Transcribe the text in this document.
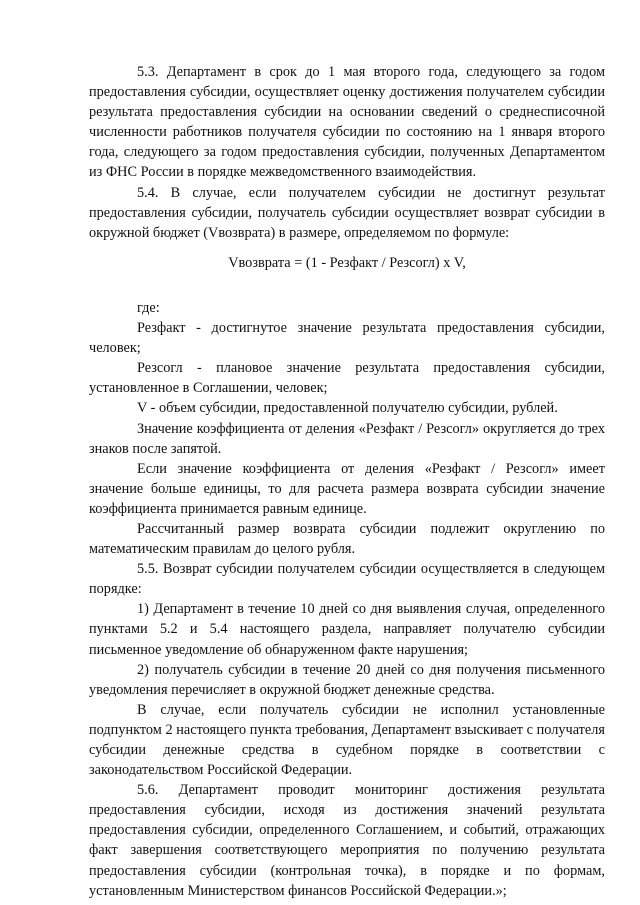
5.3. Департамент в срок до 1 мая второго года, следующего за годом предоставления субсидии, осуществляет оценку достижения получателем субсидии результата предоставления субсидии на основании сведений о среднесписочной численности работников получателя субсидии по состоянию на 1 января второго года, следующего за годом предоставления субсидии, полученных Департаментом из ФНС России в порядке межведомственного взаимодействия.

5.4. В случае, если получателем субсидии не достигнут результат предоставления субсидии, получатель субсидии осуществляет возврат субсидии в окружной бюджет (Vвозврата) в размере, определяемом по формуле:

Vвозврата = (1 - Резфакт / Резсогл) x V,

где:

Резфакт - достигнутое значение результата предоставления субсидии, человек;

Резсогл - плановое значение результата предоставления субсидии, установленное в Соглашении, человек;

V - объем субсидии, предоставленной получателю субсидии, рублей.

Значение коэффициента от деления «Резфакт / Резсогл» округляется до трех знаков после запятой.

Если значение коэффициента от деления «Резфакт / Резсогл» имеет значение больше единицы, то для расчета размера возврата субсидии значение коэффициента принимается равным единице.

Рассчитанный размер возврата субсидии подлежит округлению по математическим правилам до целого рубля.

5.5. Возврат субсидии получателем субсидии осуществляется в следующем порядке:

1) Департамент в течение 10 дней со дня выявления случая, определенного пунктами 5.2 и 5.4 настоящего раздела, направляет получателю субсидии письменное уведомление об обнаруженном факте нарушения;

2) получатель субсидии в течение 20 дней со дня получения письменного уведомления перечисляет в окружной бюджет денежные средства.

В случае, если получатель субсидии не исполнил установленные подпунктом 2 настоящего пункта требования, Департамент взыскивает с получателя субсидии денежные средства в судебном порядке в соответствии с законодательством Российской Федерации.

5.6. Департамент проводит мониторинг достижения результата предоставления субсидии, исходя из достижения значений результата предоставления субсидии, определенного Соглашением, и событий, отражающих факт завершения соответствующего мероприятия по получению результата предоставления субсидии (контрольная точка), в порядке и по формам, установленным Министерством финансов Российской Федерации.»;
